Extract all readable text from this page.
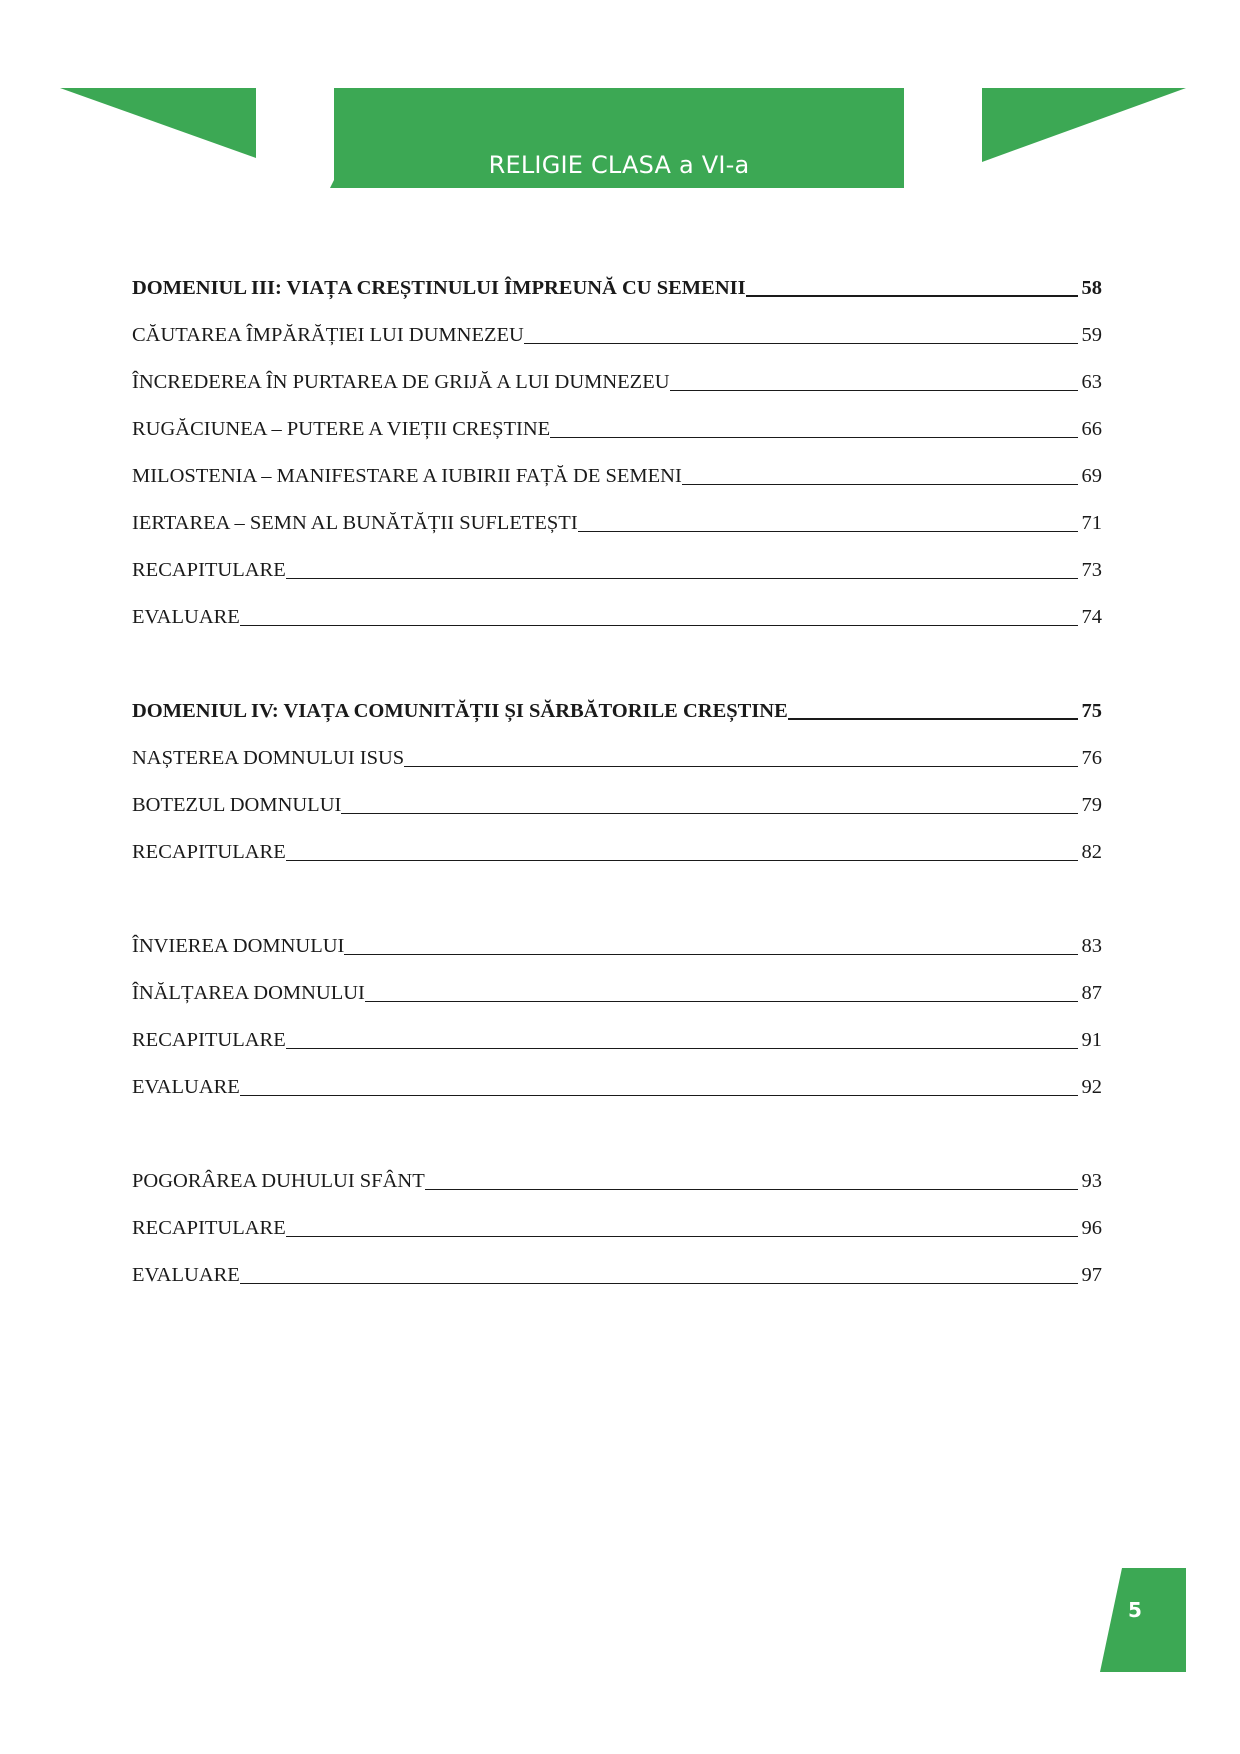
RELIGIE CLASA a VI-a
DOMENIUL III: VIAȚA CREȘTINULUI ÎMPREUNĂ CU SEMENII	58
CĂUTAREA ÎMPĂRĂȚIEI LUI DUMNEZEU	59
ÎNCREDEREA ÎN PURTAREA DE GRIJĂ A LUI DUMNEZEU	63
RUGĂCIUNEA – PUTERE A VIEȚII CREȘTINE	66
MILOSTENIA – MANIFESTARE A IUBIRII FAȚĂ DE SEMENI	69
IERTAREA – SEMN AL BUNĂTĂȚII SUFLETEȘTI	71
RECAPITULARE	73
EVALUARE	74
DOMENIUL IV: VIAȚA COMUNITĂȚII ȘI SĂRBĂTORILE CREȘTINE	75
NAȘTEREA DOMNULUI ISUS	76
BOTEZUL DOMNULUI	79
RECAPITULARE	82
ÎNVIEREA DOMNULUI	83
ÎNĂLȚAREA DOMNULUI	87
RECAPITULARE	91
EVALUARE	92
POGORÂREA DUHULUI SFÂNT	93
RECAPITULARE	96
EVALUARE	97
5
